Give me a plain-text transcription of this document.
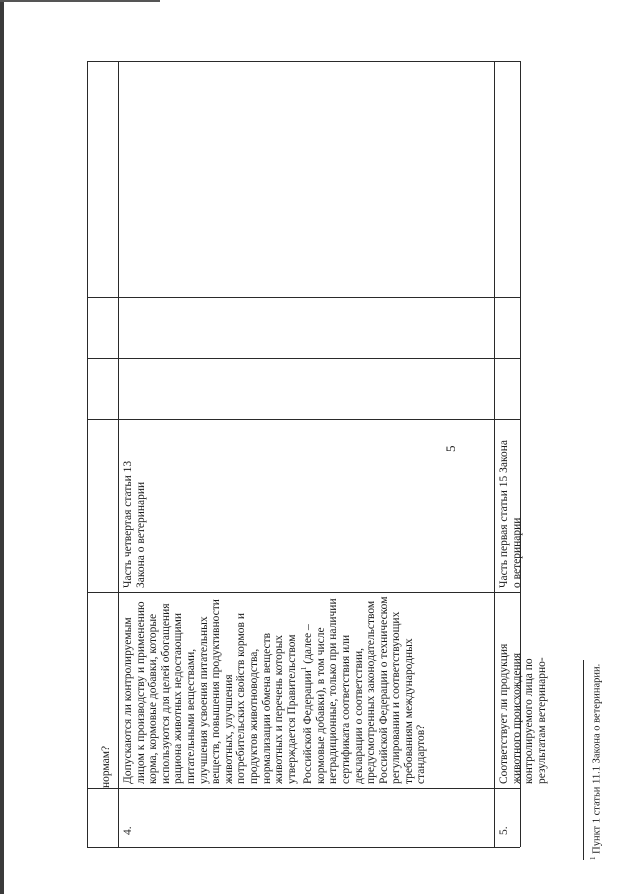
5
нормам?
4.
Допускаются ли контролируемым лицом к производству и применению корма, кормовые добавки, которые используются для целей обогащения рациона животных недостающими питательными веществами, улучшения усвоения питательных веществ, повышения продуктивности животных, улучшения потребительских свойств кормов и продуктов животноводства, нормализации обмена веществ животных и перечень которых утверждается Правительством Российской Федерации$^1$ (далее – кормовые добавки), в том числе нетрадиционные, только при наличии сертификата соответствия или декларации о соответствии, предусмотренных законодательством Российской Федерации о техническом регулировании и соответствующих требованиям международных стандартов?
Часть четвертая статьи 13 Закона о ветеринарии
5.
Соответствует ли продукция животного происхождения контролируемого лица по результатам ветеринарно-
Часть первая статьи 15 Закона о ветеринарии
$^1$ Пункт 1 статьи 11.1 Закона о ветеринарии.
